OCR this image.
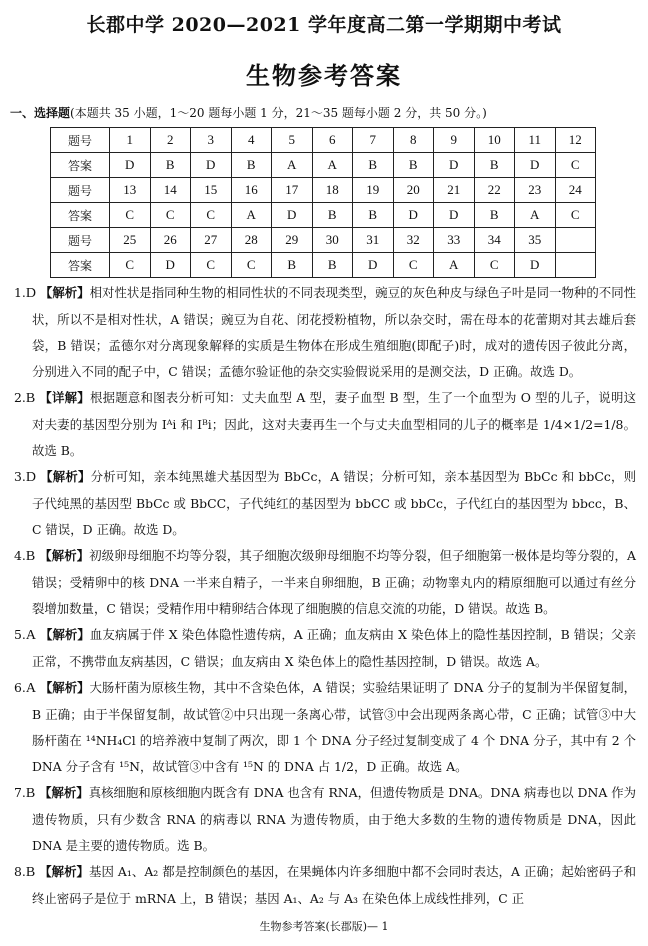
长郡中学 2020—2021 学年度高二第一学期期中考试
生物参考答案
一、选择题(本题共 35 小题，1～20 题每小题 1 分，21～35 题每小题 2 分，共 50 分。)
题号	1	2	3	4	5	6	7	8	9	10	11	12
答案	D	B	D	B	A	A	B	B	D	B	D	C
题号	13	14	15	16	17	18	19	20	21	22	23	24
答案	C	C	C	A	D	B	B	D	D	B	A	C
题号	25	26	27	28	29	30	31	32	33	34	35	
答案	C	D	C	C	B	B	D	C	A	C	D	
1.D 【解析】相对性状是指同种生物的相同性状的不同表现类型，豌豆的灰色种皮与绿色子叶是同一物种的不同性状，所以不是相对性状，A 错误；豌豆为自花、闭花授粉植物，所以杂交时，需在母本的花蕾期对其去雄后套袋，B 错误；孟德尔对分离现象解释的实质是生物体在形成生殖细胞(即配子)时，成对的遗传因子彼此分离，分别进入不同的配子中，C 错误；孟德尔验证他的杂交实验假说采用的是测交法，D 正确。故选 D。
2.B 【详解】根据题意和图表分析可知：丈夫血型 A 型，妻子血型 B 型，生了一个血型为 O 型的儿子，说明这对夫妻的基因型分别为 Iᴬi 和 Iᴮi；因此，这对夫妻再生一个与丈夫血型相同的儿子的概率是 1/4×1/2=1/8。故选 B。
3.D 【解析】分析可知，亲本纯黑雄犬基因型为 BbCc，A 错误；分析可知，亲本基因型为 BbCc 和 bbCc，则子代纯黑的基因型 BbCc 或 BbCC，子代纯红的基因型为 bbCC 或 bbCc，子代红白的基因型为 bbcc，B、C 错误，D 正确。故选 D。
4.B 【解析】初级卵母细胞不均等分裂，其子细胞次级卵母细胞不均等分裂，但子细胞第一极体是均等分裂的，A 错误；受精卵中的核 DNA 一半来自精子，一半来自卵细胞，B 正确；动物睾丸内的精原细胞可以通过有丝分裂增加数量，C 错误；受精作用中精卵结合体现了细胞膜的信息交流的功能，D 错误。故选 B。
5.A 【解析】血友病属于伴 X 染色体隐性遗传病，A 正确；血友病由 X 染色体上的隐性基因控制，B 错误；父亲正常，不携带血友病基因，C 错误；血友病由 X 染色体上的隐性基因控制，D 错误。故选 A。
6.A 【解析】大肠杆菌为原核生物，其中不含染色体，A 错误；实验结果证明了 DNA 分子的复制为半保留复制，B 正确；由于半保留复制，故试管②中只出现一条离心带，试管③中会出现两条离心带，C 正确；试管③中大肠杆菌在 ¹⁴NH₄Cl 的培养液中复制了两次，即 1 个 DNA 分子经过复制变成了 4 个 DNA 分子，其中有 2 个 DNA 分子含有 ¹⁵N，故试管③中含有 ¹⁵N 的 DNA 占 1/2，D 正确。故选 A。
7.B 【解析】真核细胞和原核细胞内既含有 DNA 也含有 RNA，但遗传物质是 DNA。DNA 病毒也以 DNA 作为遗传物质，只有少数含 RNA 的病毒以 RNA 为遗传物质，由于绝大多数的生物的遗传物质是 DNA，因此 DNA 是主要的遗传物质。选 B。
8.B 【解析】基因 A₁、A₂ 都是控制颜色的基因，在果蝇体内许多细胞中都不会同时表达，A 正确；起始密码子和终止密码子是位于 mRNA 上，B 错误；基因 A₁、A₂ 与 A₃ 在染色体上成线性排列，C 正
生物参考答案(长郡版)— 1
